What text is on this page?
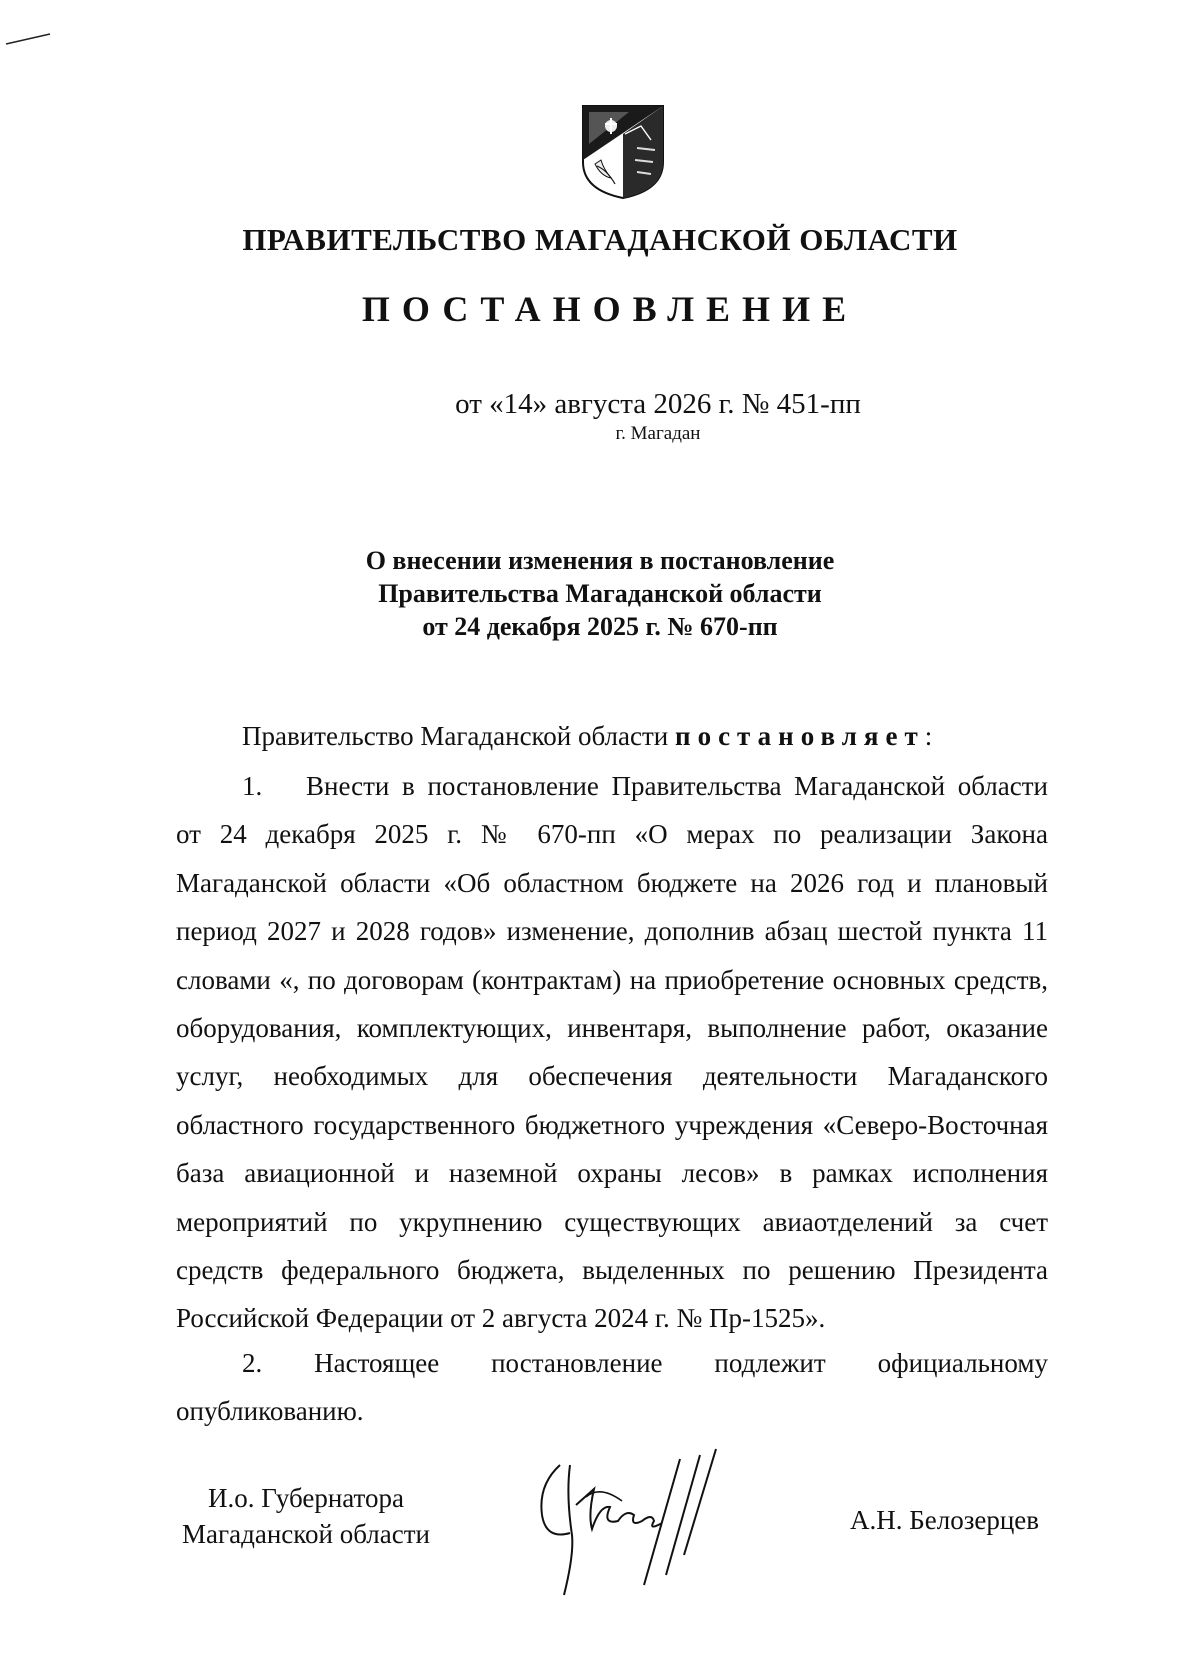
ПРАВИТЕЛЬСТВО МАГАДАНСКОЙ ОБЛАСТИ
ПОСТАНОВЛЕНИЕ
от «14» августа 2026 г. № 451-пп
г. Магадан
О внесении изменения в постановление
Правительства Магаданской области
от 24 декабря 2025 г. № 670-пп
Правительство Магаданской области постановляет:
1. Внести в постановление Правительства Магаданской области от 24 декабря 2025 г. № 670-пп «О мерах по реализации Закона Магаданской области «Об областном бюджете на 2026 год и плановый период 2027 и 2028 годов» изменение, дополнив абзац шестой пункта 11 словами «, по договорам (контрактам) на приобретение основных средств, оборудования, комплектующих, инвентаря, выполнение работ, оказание услуг, необходимых для обеспечения деятельности Магаданского областного государственного бюджетного учреждения «Северо-Восточная база авиационной и наземной охраны лесов» в рамках исполнения мероприятий по укрупнению существующих авиаотделений за счет средств федерального бюджета, выделенных по решению Президента Российской Федерации от 2 августа 2024 г. № Пр-1525».
2. Настоящее постановление подлежит официальному
опубликованию.
И.о. Губернатора
Магаданской области	А.Н. Белозерцев
